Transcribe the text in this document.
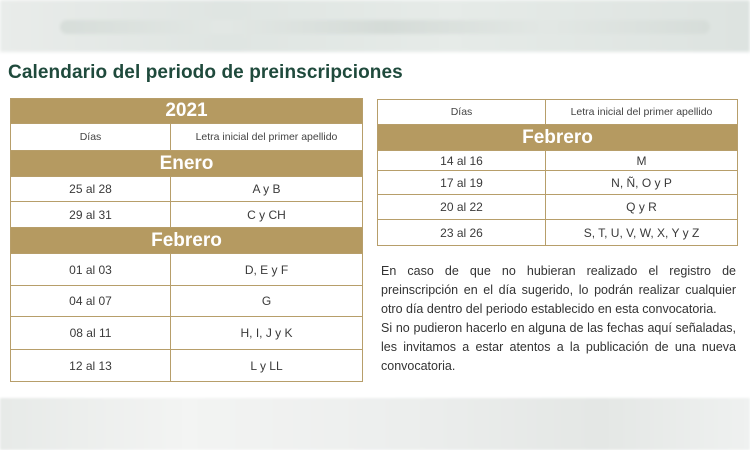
Calendario del periodo de preinscripciones
2021	
Días	Letra inicial del primer apellido
Enero	
25 al 28	A y B
29 al 31	C y CH
Febrero	
01 al 03	D, E y F
04 al 07	G
08 al 11	H, I, J y K
12 al 13	L y LL
Días	Letra inicial del primer apellido
Febrero	
14 al 16	M
17 al 19	N, Ñ, O y P
20 al 22	Q y R
23 al 26	S, T, U, V, W, X, Y y Z

En caso de que no hubieran realizado el registro de preinscripción en el día sugerido, lo podrán realizar cualquier otro día dentro del periodo establecido en esta convocatoria.

Si no pudieron hacerlo en alguna de las fechas aquí señaladas, les invitamos a estar atentos a la publicación de una nueva convocatoria.
